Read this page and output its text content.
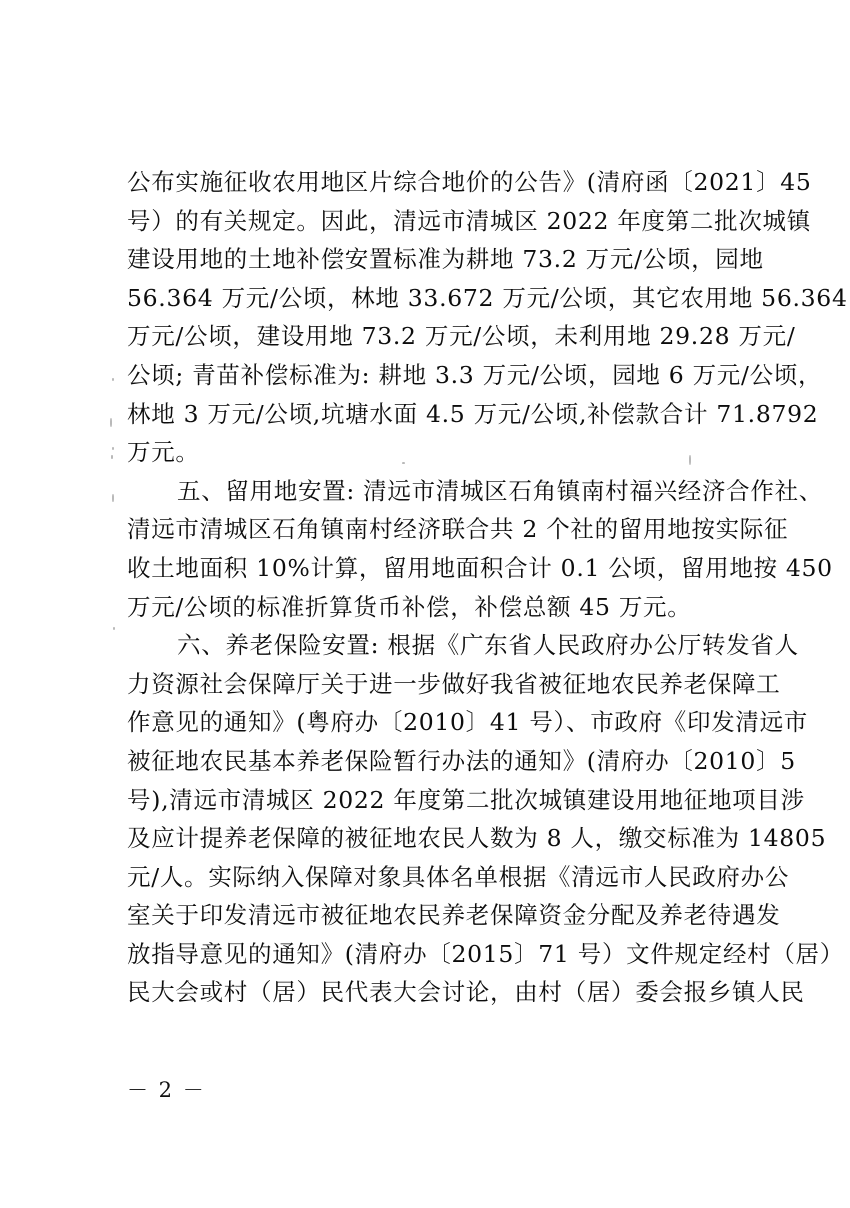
公布实施征收农用地区片综合地价的公告》(清府函〔2021〕45
号）的有关规定。因此，清远市清城区 2022 年度第二批次城镇
建设用地的土地补偿安置标准为耕地 73.2 万元/公顷，园地
56.364 万元/公顷，林地 33.672 万元/公顷，其它农用地 56.364
万元/公顷，建设用地 73.2 万元/公顷，未利用地 29.28 万元/
公顷; 青苗补偿标准为: 耕地 3.3 万元/公顷，园地 6 万元/公顷，
林地 3 万元/公顷,坑塘水面 4.5 万元/公顷,补偿款合计 71.8792
万元。
五、留用地安置: 清远市清城区石角镇南村福兴经济合作社、
清远市清城区石角镇南村经济联合共 2 个社的留用地按实际征
收土地面积 10%计算，留用地面积合计 0.1 公顷，留用地按 450
万元/公顷的标准折算货币补偿，补偿总额 45 万元。
六、养老保险安置: 根据《广东省人民政府办公厅转发省人
力资源社会保障厅关于进一步做好我省被征地农民养老保障工
作意见的通知》(粤府办〔2010〕41 号）、市政府《印发清远市
被征地农民基本养老保险暂行办法的通知》(清府办〔2010〕5
号),清远市清城区 2022 年度第二批次城镇建设用地征地项目涉
及应计提养老保障的被征地农民人数为 8 人，缴交标准为 14805
元/人。实际纳入保障对象具体名单根据《清远市人民政府办公
室关于印发清远市被征地农民养老保障资金分配及养老待遇发
放指导意见的通知》(清府办〔2015〕71 号）文件规定经村（居）
民大会或村（居）民代表大会讨论，由村（居）委会报乡镇人民
－ 2 －
